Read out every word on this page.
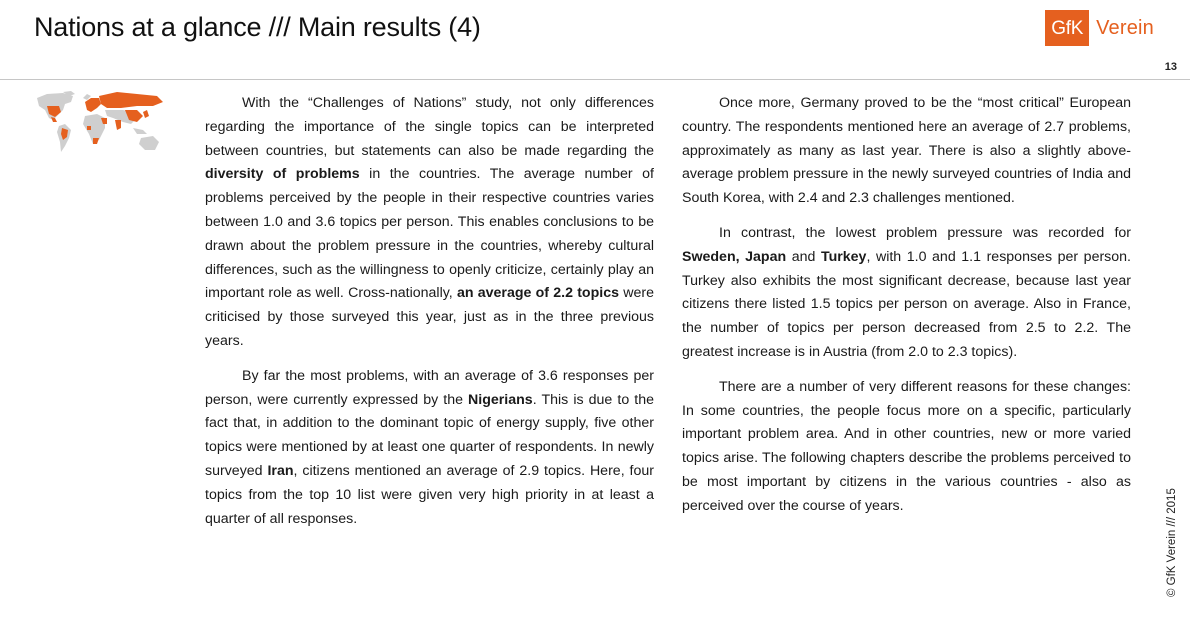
Nations at a glance /// Main results (4)	GfK Verein
13

With the “Challenges of Nations” study, not only differences regarding the importance of the single topics can be interpreted between countries, but statements can also be made regarding the diversity of problems in the countries. The average number of problems perceived by the people in their respective countries varies between 1.0 and 3.6 topics per person. This enables conclusions to be drawn about the problem pressure in the countries, whereby cultural differences, such as the willingness to openly criticize, certainly play an important role as well. Cross-nationally, an average of 2.2 topics were criticised by those surveyed this year, just as in the three previous years.

By far the most problems, with an average of 3.6 responses per person, were currently expressed by the Nigerians. This is due to the fact that, in addition to the dominant topic of energy supply, five other topics were mentioned by at least one quarter of respondents. In newly surveyed Iran, citizens mentioned an average of 2.9 topics. Here, four topics from the top 10 list were given very high priority in at least a quarter of all responses.

Once more, Germany proved to be the “most critical” European country. The respondents mentioned here an average of 2.7 problems, approximately as many as last year. There is also a slightly above-average problem pressure in the newly surveyed countries of India and South Korea, with 2.4 and 2.3 challenges mentioned.

In contrast, the lowest problem pressure was recorded for Sweden, Japan and Turkey, with 1.0 and 1.1 responses per person. Turkey also exhibits the most significant decrease, because last year citizens there listed 1.5 topics per person on average. Also in France, the number of topics per person decreased from 2.5 to 2.2. The greatest increase is in Austria (from 2.0 to 2.3 topics).

There are a number of very different reasons for these changes: In some countries, the people focus more on a specific, particularly important problem area. And in other countries, new or more varied topics arise. The following chapters describe the problems perceived to be most important by citizens in the various countries - also as perceived over the course of years.	© GfK Verein /// 2015
